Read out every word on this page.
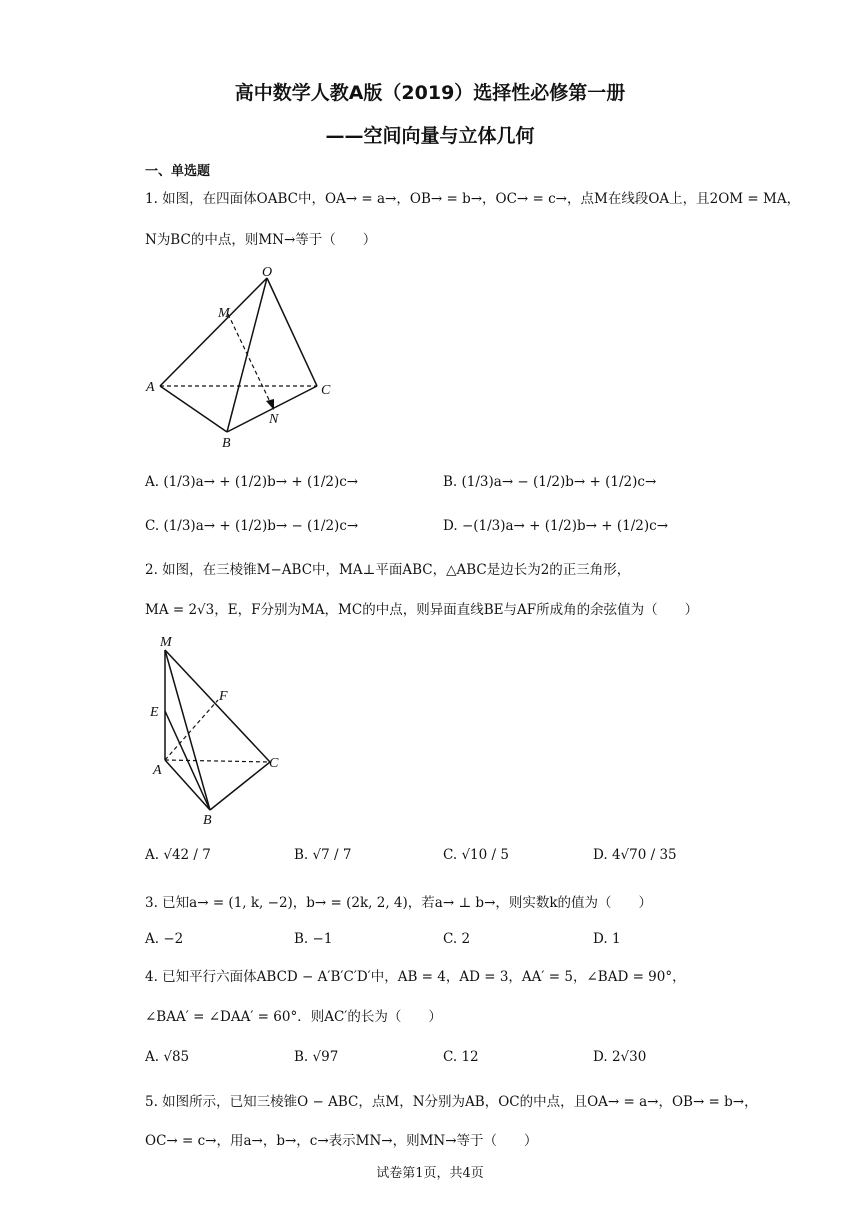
高中数学人教A版（2019）选择性必修第一册
——空间向量与立体几何
一、单选题
1. 如图，在四面体OABC中，OA→ = a→，OB→ = b→，OC→ = c→，点M在线段OA上，且2OM = MA，
N为BC的中点，则MN→等于（　　）
O
M
A	C
N
B
A. (1/3)a→ + (1/2)b→ + (1/2)c→	B. (1/3)a→ − (1/2)b→ + (1/2)c→
C. (1/3)a→ + (1/2)b→ − (1/2)c→	D. −(1/3)a→ + (1/2)b→ + (1/2)c→
2. 如图，在三棱锥M−ABC中，MA⊥平面ABC，△ABC是边长为2的正三角形，
MA = 2√3，E，F分别为MA，MC的中点，则异面直线BE与AF所成角的余弦值为（　　）
M
F
E
A	C
B
A. √42 / 7	B. √7 / 7	C. √10 / 5	D. 4√70 / 35
3. 已知a→ = (1, k, −2)，b→ = (2k, 2, 4)，若a→ ⊥ b→，则实数k的值为（　　）
A. −2	B. −1	C. 2	D. 1
4. 已知平行六面体ABCD − A′B′C′D′中，AB = 4，AD = 3，AA′ = 5，∠BAD = 90°，
∠BAA′ = ∠DAA′ = 60°．则AC′的长为（　　）
A. √85	B. √97	C. 12	D. 2√30
5. 如图所示，已知三棱锥O − ABC，点M，N分别为AB，OC的中点，且OA→ = a→，OB→ = b→，
OC→ = c→，用a→，b→，c→表示MN→，则MN→等于（　　）
试卷第1页，共4页
